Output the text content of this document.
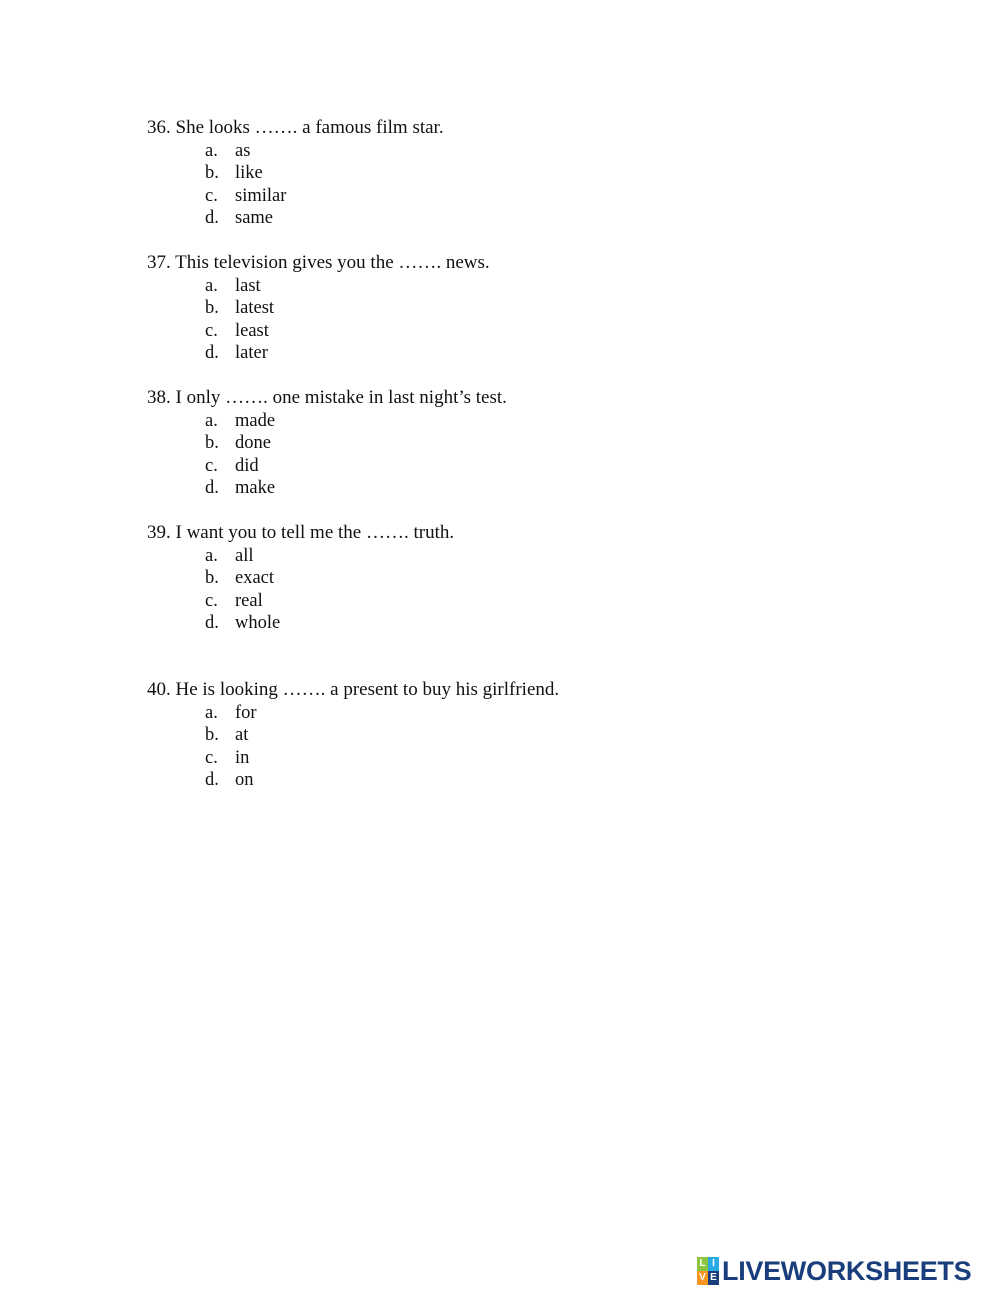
36. She looks ……. a famous film star.
a. as
b. like
c. similar
d. same
37. This television gives you the ……. news.
a. last
b. latest
c. least
d. later
38. I only ……. one mistake in last night’s test.
a. made
b. done
c. did
d. make
39. I want you to tell me the ……. truth.
a. all
b. exact
c. real
d. whole
40. He is looking ……. a present to buy his girlfriend.
a. for
b. at
c. in
d. on
L I
V E LIVEWORKSHEETS
